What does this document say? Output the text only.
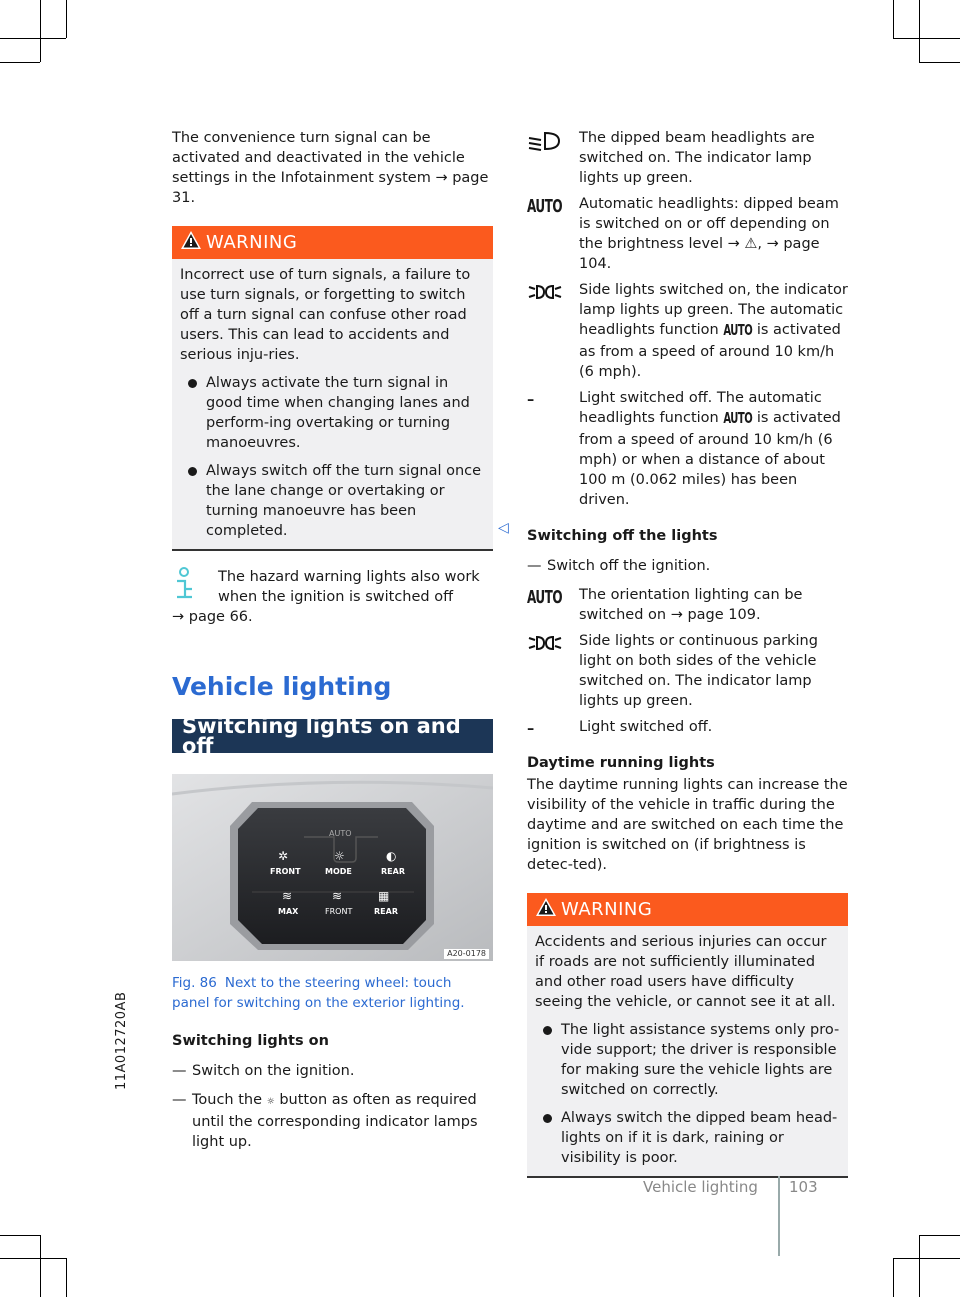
11A012720AB

The convenience turn signal can be activated and deactivated in the vehicle settings in the Infotainment system → page 31.

WARNING

Incorrect use of turn signals, a failure to use turn signals, or forgetting to switch off a turn signal can confuse other road users. This can lead to accidents and serious inju-ries.

Always activate the turn signal in good time when changing lanes and perform-ing overtaking or turning manoeuvres.

Always switch off the turn signal once the lane change or overtaking or turning manoeuvre has been completed.

The hazard warning lights also work when the ignition is switched off

→ page 66.

Vehicle lighting
Switching lights on and off
AUTO
FRONT	MODE	REAR
MAX	FRONT	REAR
✲	☼	◐
≋	≋	▦
A20-0178

Fig. 86 Next to the steering wheel: touch panel for switching on the exterior lighting.

Switching lights on

— Switch on the ignition.

— Touch the ☼ button as often as required until the corresponding indicator lamps light up.

The dipped beam headlights are switched on. The indicator lamp lights up green.

AUTO Automatic headlights: dipped beam is switched on or off depending on the brightness level → ⚠, → page 104.

Side lights switched on, the indicator lamp lights up green. The automatic headlights function AUTO is activated as from a speed of around 10 km/h (6 mph).

–	Light switched off. The automatic headlights function AUTO is activated from a speed of around 10 km/h (6 mph) or when a distance of about 100 m (0.062 miles) has been driven.

Switching off the lights

— Switch off the ignition.

AUTO The orientation lighting can be switched on → page 109.

Side lights or continuous parking light on both sides of the vehicle switched on. The indicator lamp lights up green.

–	Light switched off.

Daytime running lights

The daytime running lights can increase the visibility of the vehicle in traffic during the daytime and are switched on each time the ignition is switched on (if brightness is detec-ted).

WARNING

Accidents and serious injuries can occur if roads are not sufficiently illuminated and other road users have difficulty seeing the vehicle, or cannot see it at all.

The light assistance systems only pro-vide support; the driver is responsible for making sure the vehicle lights are switched on correctly.

Always switch the dipped beam head-lights on if it is dark, raining or visibility is poor.

◁
Vehicle lighting 103
